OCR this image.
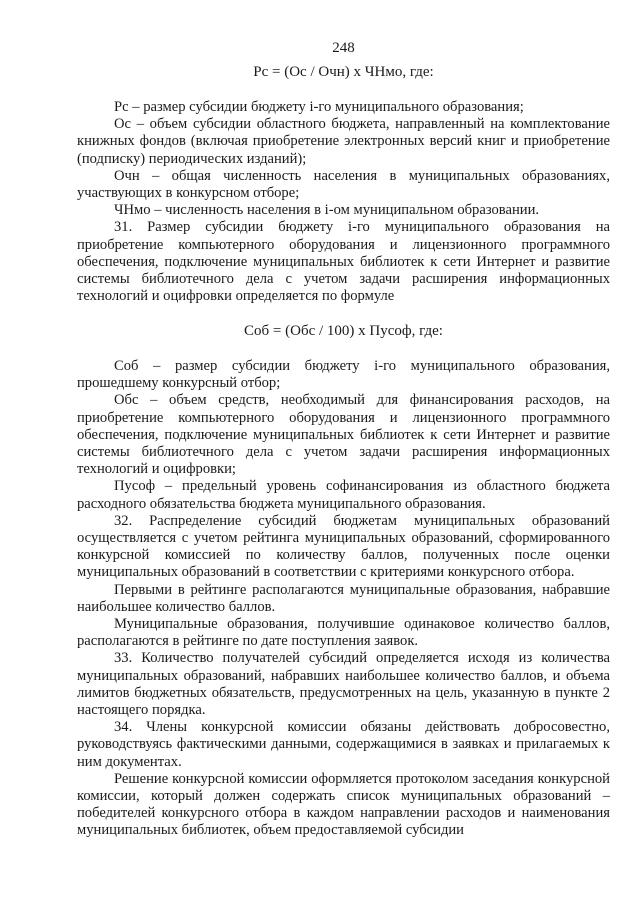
248
Рс = (Ос / Очн) х ЧНмо, где:

Рс – размер субсидии бюджету i-го муниципального образования;

Ос – объем субсидии областного бюджета, направленный на комплектование книжных фондов (включая приобретение электронных версий книг и приобретение (подписку) периодических изданий);

Очн – общая численность населения в муниципальных образованиях, участвующих в конкурсном отборе;

ЧНмо – численность населения в i-ом муниципальном образовании.

31. Размер субсидии бюджету i-го муниципального образования на приобретение компьютерного оборудования и лицензионного программного обеспечения, подключение муниципальных библиотек к сети Интернет и развитие системы библиотечного дела с учетом задачи расширения информационных технологий и оцифровки определяется по формуле

Соб = (Обс / 100) х Пусоф, где:

Соб – размер субсидии бюджету i-го муниципального образования, прошедшему конкурсный отбор;

Обс – объем средств, необходимый для финансирования расходов, на приобретение компьютерного оборудования и лицензионного программного обеспечения, подключение муниципальных библиотек к сети Интернет и развитие системы библиотечного дела с учетом задачи расширения информационных технологий и оцифровки;

Пусоф – предельный уровень софинансирования из областного бюджета расходного обязательства бюджета муниципального образования.

32. Распределение субсидий бюджетам муниципальных образований осуществляется с учетом рейтинга муниципальных образований, сформированного конкурсной комиссией по количеству баллов, полученных после оценки муниципальных образований в соответствии с критериями конкурсного отбора.

Первыми в рейтинге располагаются муниципальные образования, набравшие наибольшее количество баллов.

Муниципальные образования, получившие одинаковое количество баллов, располагаются в рейтинге по дате поступления заявок.

33. Количество получателей субсидий определяется исходя из количества муниципальных образований, набравших наибольшее количество баллов, и объема лимитов бюджетных обязательств, предусмотренных на цель, указанную в пункте 2 настоящего порядка.

34. Члены конкурсной комиссии обязаны действовать добросовестно, руководствуясь фактическими данными, содержащимися в заявках и прилагаемых к ним документах.

Решение конкурсной комиссии оформляется протоколом заседания конкурсной комиссии, который должен содержать список муниципальных образований – победителей конкурсного отбора в каждом направлении расходов и наименования муниципальных библиотек, объем предоставляемой субсидии
